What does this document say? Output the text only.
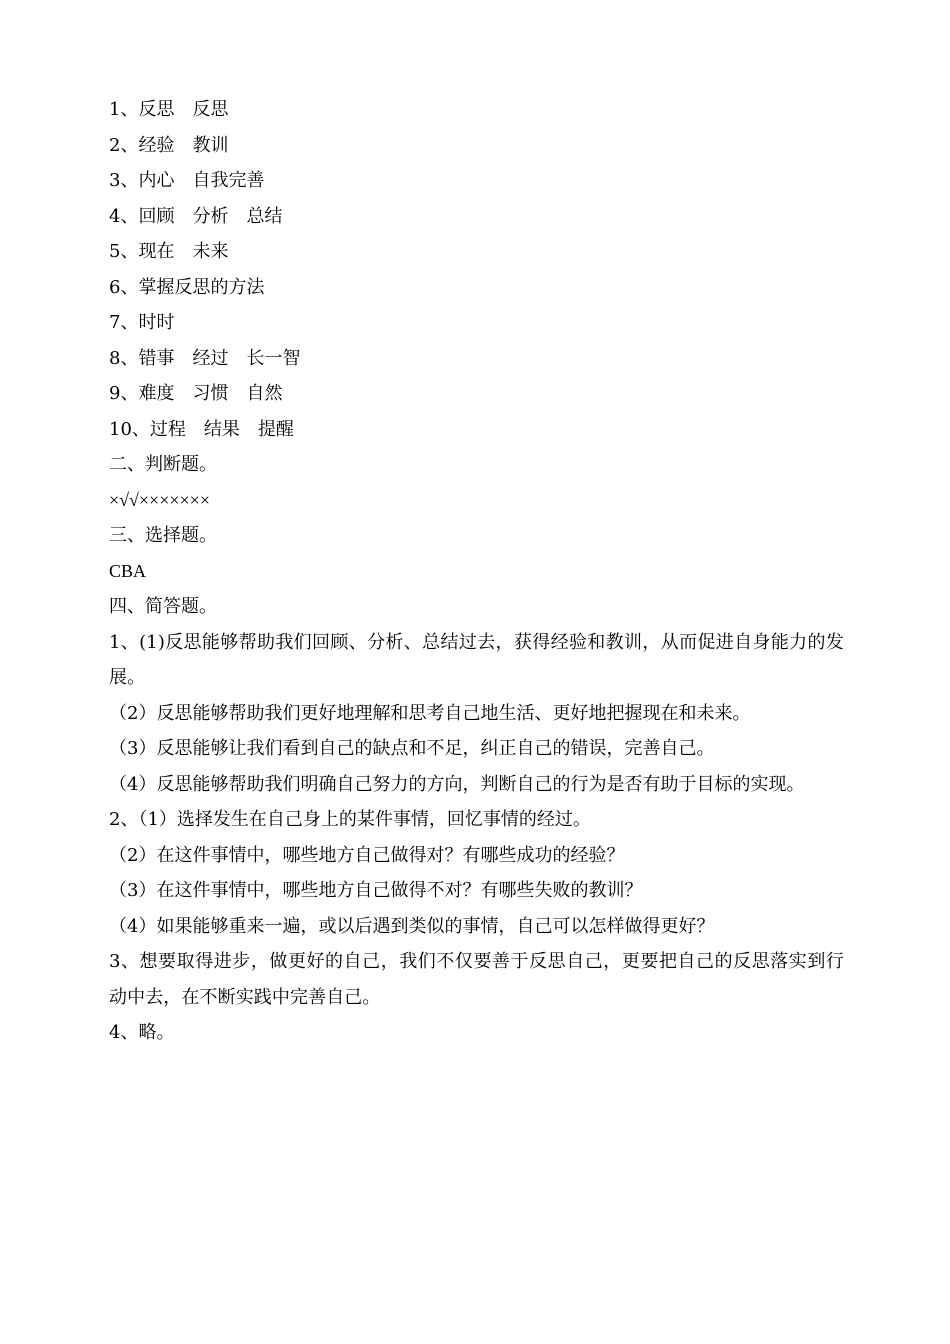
1、反思　反思

2、经验　教训

3、内心　自我完善

4、回顾　分析　总结

5、现在　未来

6、掌握反思的方法

7、时时

8、错事　经过　长一智

9、难度　习惯　自然

10、过程　结果　提醒

二、判断题。

×√√×××××××

三、选择题。

CBA

四、简答题。

1、(1)反思能够帮助我们回顾、分析、总结过去，获得经验和教训，从而促进自身能力的发展。

（2）反思能够帮助我们更好地理解和思考自己地生活、更好地把握现在和未来。

（3）反思能够让我们看到自己的缺点和不足，纠正自己的错误，完善自己。

（4）反思能够帮助我们明确自己努力的方向，判断自己的行为是否有助于目标的实现。

2、（1）选择发生在自己身上的某件事情，回忆事情的经过。

（2）在这件事情中，哪些地方自己做得对？有哪些成功的经验？

（3）在这件事情中，哪些地方自己做得不对？有哪些失败的教训？

（4）如果能够重来一遍，或以后遇到类似的事情，自己可以怎样做得更好？

3、想要取得进步，做更好的自己，我们不仅要善于反思自己，更要把自己的反思落实到行动中去，在不断实践中完善自己。

4、略。
